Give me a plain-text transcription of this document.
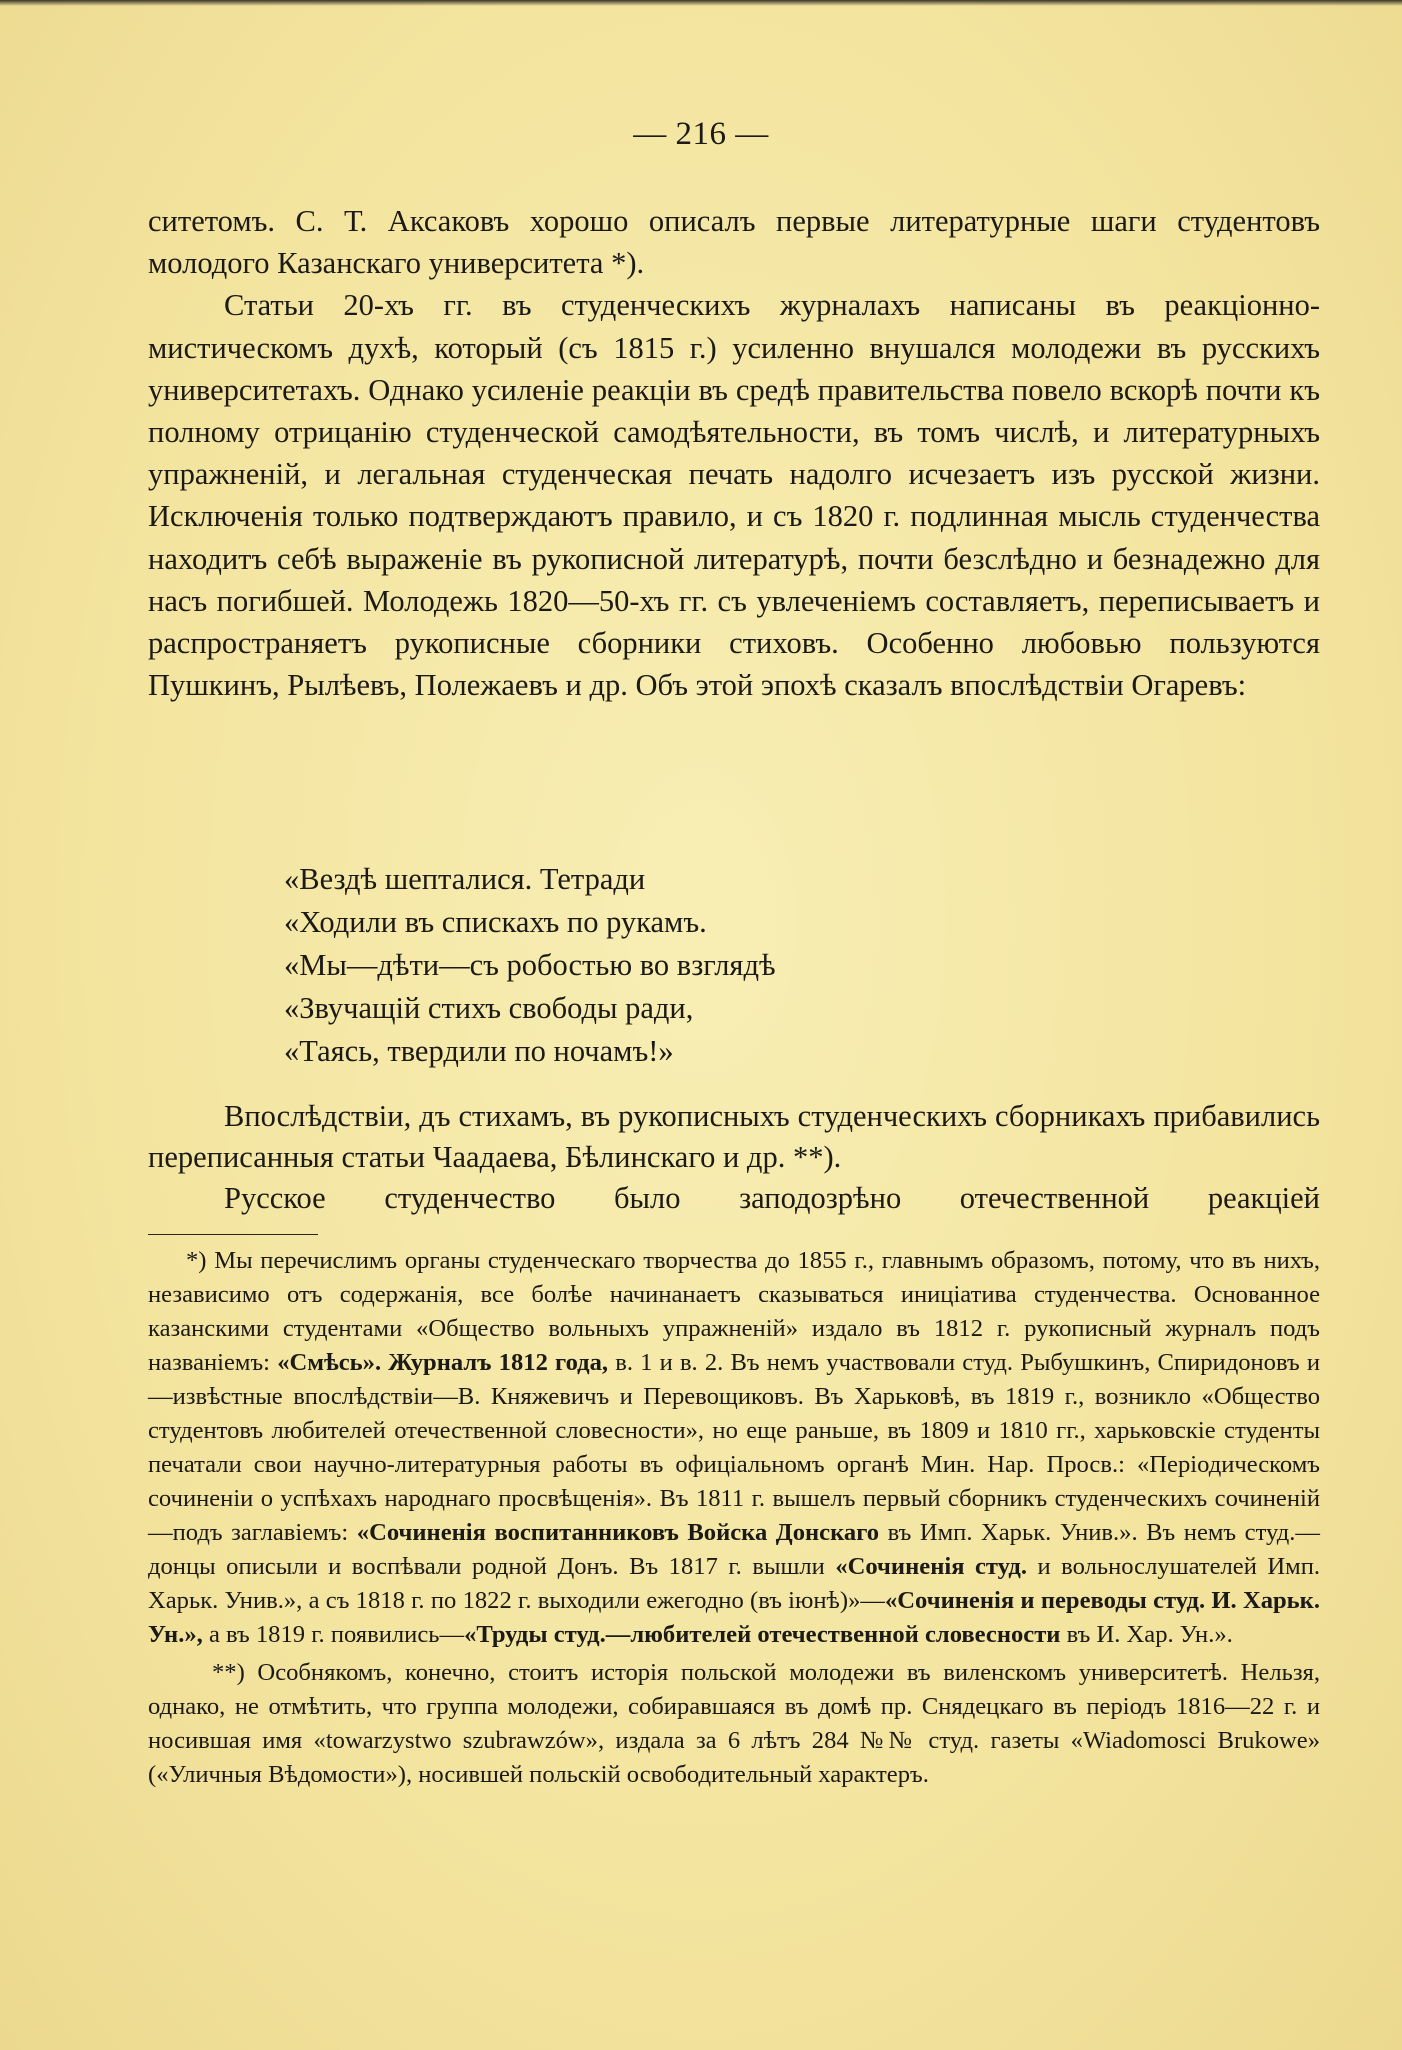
— 216 —

ситетомъ. С. Т. Аксаковъ хорошо описалъ первые литературные шаги студентовъ молодого Казанскаго университета *).

Статьи 20-хъ гг. въ студенческихъ журналахъ написаны въ реакціонно-мистическомъ духѣ, который (съ 1815 г.) усиленно внушался молодежи въ русскихъ университетахъ. Однако усиленіе реакціи въ средѣ правительства повело вскорѣ почти къ полному отрицанію студенческой самодѣятельности, въ томъ числѣ, и литературныхъ упражненій, и легальная студенческая печать надолго исчезаетъ изъ русской жизни. Исключенія только подтверждаютъ правило, и съ 1820 г. подлинная мысль студенчества находитъ себѣ выраженіе въ рукописной литературѣ, почти безслѣдно и безнадежно для насъ погибшей. Молодежь 1820—50-хъ гг. съ увлеченіемъ составляетъ, переписываетъ и распространяетъ рукописные сборники стиховъ. Особенно любовью пользуются Пушкинъ, Рылѣевъ, Полежаевъ и др. Объ этой эпохѣ сказалъ впослѣдствіи Огаревъ:

«Вездѣ шепталися. Тетради
«Ходили въ спискахъ по рукамъ.
«Мы—дѣти—съ робостью во взглядѣ
«Звучащій стихъ свободы ради,
«Таясь, твердили по ночамъ!»

Впослѣдствіи, дъ стихамъ, въ рукописныхъ студенческихъ сборникахъ прибавились переписанныя статьи Чаадаева, Бѣлинскаго и др. **).

Русское студенчество было заподозрѣно отечественной реакціей

*) Мы перечислимъ органы студенческаго творчества до 1855 г., главнымъ образомъ, потому, что въ нихъ, независимо отъ содержанія, все болѣе начинанаетъ сказываться иниціатива студенчества. Основанное казанскими студентами «Общество вольныхъ упражненій» издало въ 1812 г. рукописный журналъ подъ названіемъ: «Смѣсь». Журналъ 1812 года, в. 1 и в. 2. Въ немъ участвовали студ. Рыбушкинъ, Спиридоновъ и—извѣстные впослѣдствіи—В. Княжевичъ и Перевощиковъ. Въ Харьковѣ, въ 1819 г., возникло «Общество студентовъ любителей отечественной словесности», но еще раньше, въ 1809 и 1810 гг., харьковскіе студенты печатали свои научно-литературныя работы въ офиціальномъ органѣ Мин. Нар. Просв.: «Періодическомъ сочиненіи о успѣхахъ народнаго просвѣщенія». Въ 1811 г. вышелъ первый сборникъ студенческихъ сочиненій—подъ заглавіемъ: «Сочиненія воспитанниковъ Войска Донскаго въ Имп. Харьк. Унив.». Въ немъ студ.—донцы описыли и воспѣвали родной Донъ. Въ 1817 г. вышли «Сочиненія студ. и вольнослушателей Имп. Харьк. Унив.», а съ 1818 г. по 1822 г. выходили ежегодно (въ іюнѣ)»—«Сочиненія и переводы студ. И. Харьк. Ун.», а въ 1819 г. появились—«Труды студ.—любителей отечественной словесности въ И. Хар. Ун.».

**) Особнякомъ, конечно, стоитъ исторія польской молодежи въ виленскомъ университетѣ. Нельзя, однако, не отмѣтить, что группа молодежи, собиравшаяся въ домѣ пр. Снядецкаго въ періодъ 1816—22 г. и носившая имя «towarzystwo szubrawzów», издала за 6 лѣтъ 284 №№ студ. газеты «Wiadomosci Brukowe» («Уличныя Вѣдомости»), носившей польскій освободительный характеръ.
